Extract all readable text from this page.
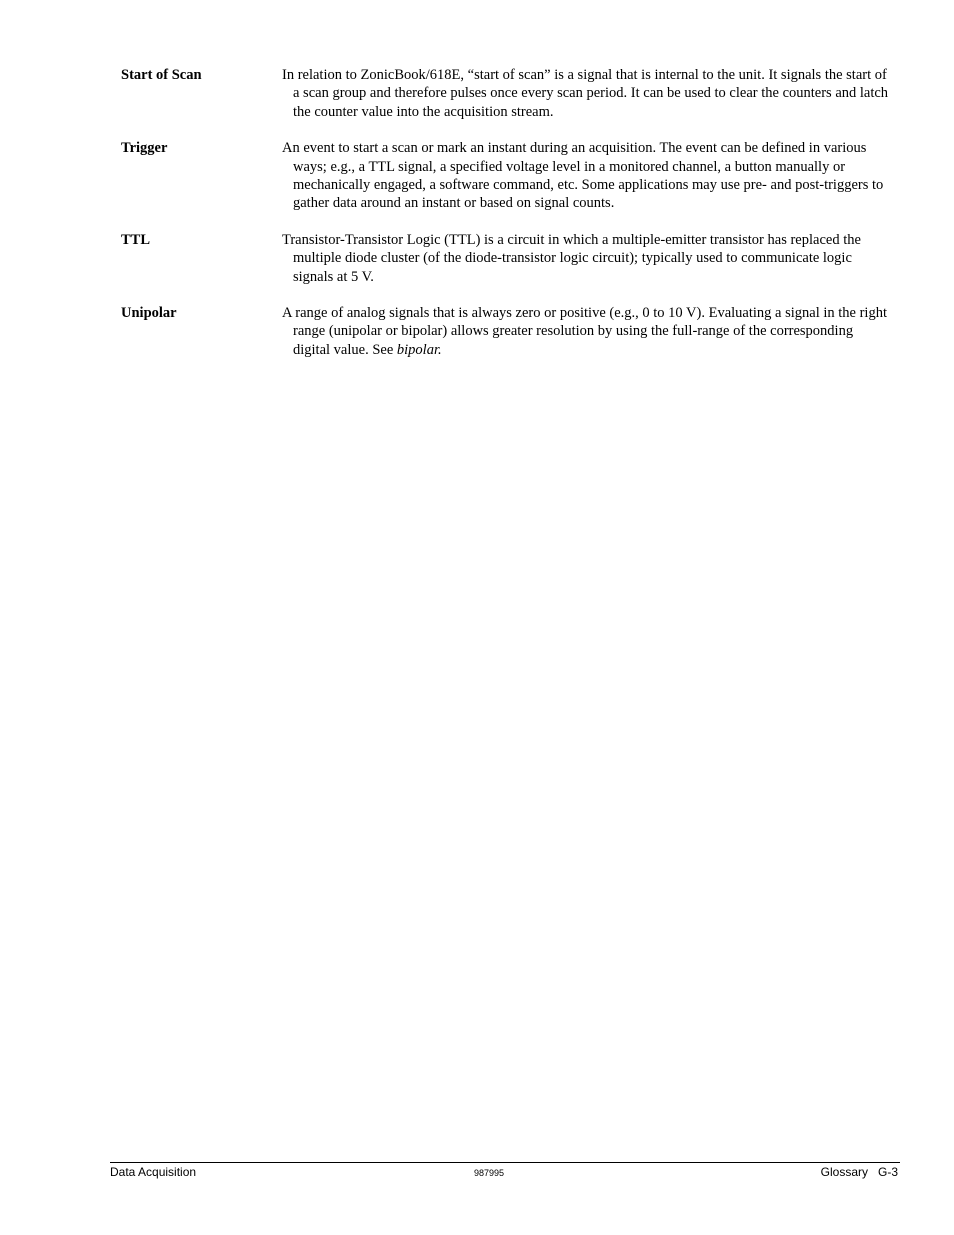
Start of Scan	In relation to ZonicBook/618E, “start of scan” is a signal that is internal to the unit. It signals the start of a scan group and therefore pulses once every scan period. It can be used to clear the counters and latch the counter value into the acquisition stream.
Trigger	An event to start a scan or mark an instant during an acquisition. The event can be defined in various ways; e.g., a TTL signal, a specified voltage level in a monitored channel, a button manually or mechanically engaged, a software command, etc. Some applications may use pre- and post-triggers to gather data around an instant or based on signal counts.
TTL	Transistor-Transistor Logic (TTL) is a circuit in which a multiple-emitter transistor has replaced the multiple diode cluster (of the diode-transistor logic circuit); typically used to communicate logic signals at 5 V.
Unipolar	A range of analog signals that is always zero or positive (e.g., 0 to 10 V). Evaluating a signal in the right range (unipolar or bipolar) allows greater resolution by using the full-range of the corresponding digital value. See bipolar.
Data Acquisition	987995	Glossary   G-3
